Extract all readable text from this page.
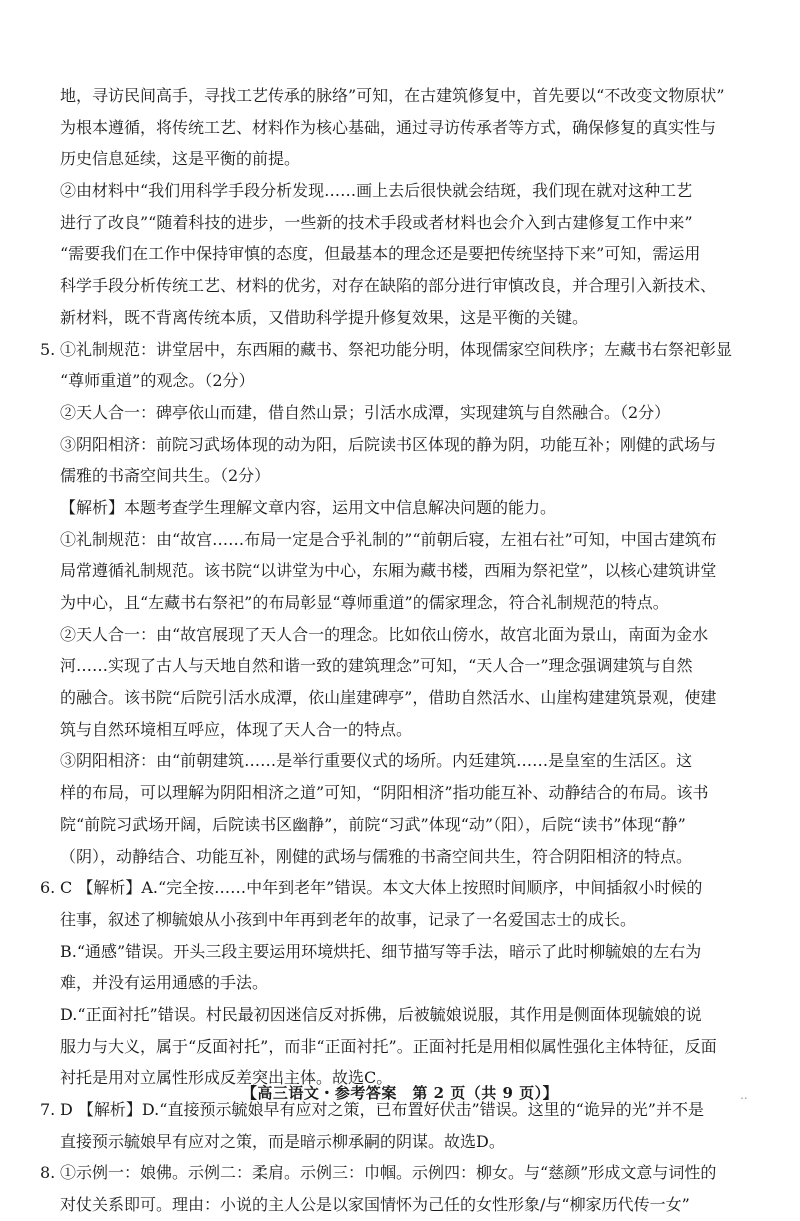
地，寻访民间高手，寻找工艺传承的脉络”可知，在古建筑修复中，首先要以“不改变文物原状”
为根本遵循，将传统工艺、材料作为核心基础，通过寻访传承者等方式，确保修复的真实性与
历史信息延续，这是平衡的前提。
②由材料中“我们用科学手段分析发现……画上去后很快就会结斑，我们现在就对这种工艺
进行了改良”“随着科技的进步，一些新的技术手段或者材料也会介入到古建修复工作中来”
“需要我们在工作中保持审慎的态度，但最基本的理念还是要把传统坚持下来”可知，需运用
科学手段分析传统工艺、材料的优劣，对存在缺陷的部分进行审慎改良，并合理引入新技术、
新材料，既不背离传统本质，又借助科学提升修复效果，这是平衡的关键。
5. ①礼制规范：讲堂居中，东西厢的藏书、祭祀功能分明，体现儒家空间秩序；左藏书右祭祀彰显
“尊师重道”的观念。（2分）
②天人合一：碑亭依山而建，借自然山景；引活水成潭，实现建筑与自然融合。（2分）
③阴阳相济：前院习武场体现的动为阳，后院读书区体现的静为阴，功能互补；刚健的武场与
儒雅的书斋空间共生。（2分）
【解析】本题考查学生理解文章内容，运用文中信息解决问题的能力。
①礼制规范：由“故宫……布局一定是合乎礼制的”“前朝后寝，左祖右社”可知，中国古建筑布
局常遵循礼制规范。该书院“以讲堂为中心，东厢为藏书楼，西厢为祭祀堂”，以核心建筑讲堂
为中心，且“左藏书右祭祀”的布局彰显“尊师重道”的儒家理念，符合礼制规范的特点。
②天人合一：由“故宫展现了天人合一的理念。比如依山傍水，故宫北面为景山，南面为金水
河……实现了古人与天地自然和谐一致的建筑理念”可知，“天人合一”理念强调建筑与自然
的融合。该书院“后院引活水成潭，依山崖建碑亭”，借助自然活水、山崖构建建筑景观，使建
筑与自然环境相互呼应，体现了天人合一的特点。
③阴阳相济：由“前朝建筑……是举行重要仪式的场所。内廷建筑……是皇室的生活区。这
样的布局，可以理解为阴阳相济之道”可知，“阴阳相济”指功能互补、动静结合的布局。该书
院“前院习武场开阔，后院读书区幽静”，前院“习武”体现“动”（阳），后院“读书”体现“静”
（阴），动静结合、功能互补，刚健的武场与儒雅的书斋空间共生，符合阴阳相济的特点。
6. C 【解析】A.“完全按……中年到老年”错误。本文大体上按照时间顺序，中间插叙小时候的
往事，叙述了柳毓娘从小孩到中年再到老年的故事，记录了一名爱国志士的成长。
B.“通感”错误。开头三段主要运用环境烘托、细节描写等手法，暗示了此时柳毓娘的左右为
难，并没有运用通感的手法。
D.“正面衬托”错误。村民最初因迷信反对拆佛，后被毓娘说服，其作用是侧面体现毓娘的说
服力与大义，属于“反面衬托”，而非“正面衬托”。正面衬托是用相似属性强化主体特征，反面
衬托是用对立属性形成反差突出主体。故选C。
7. D 【解析】D.“直接预示毓娘早有应对之策，已布置好伏击”错误。这里的“诡异的光”并不是
直接预示毓娘早有应对之策，而是暗示柳承嗣的阴谋。故选D。
8. ①示例一：娘佛。示例二：柔肩。示例三：巾帼。示例四：柳女。与“慈颜”形成文意与词性的
对仗关系即可。理由：小说的主人公是以家国情怀为己任的女性形象/与“柳家历代传一女”
【高三语文・参考答案　第 2 页（共 9 页）】	..
